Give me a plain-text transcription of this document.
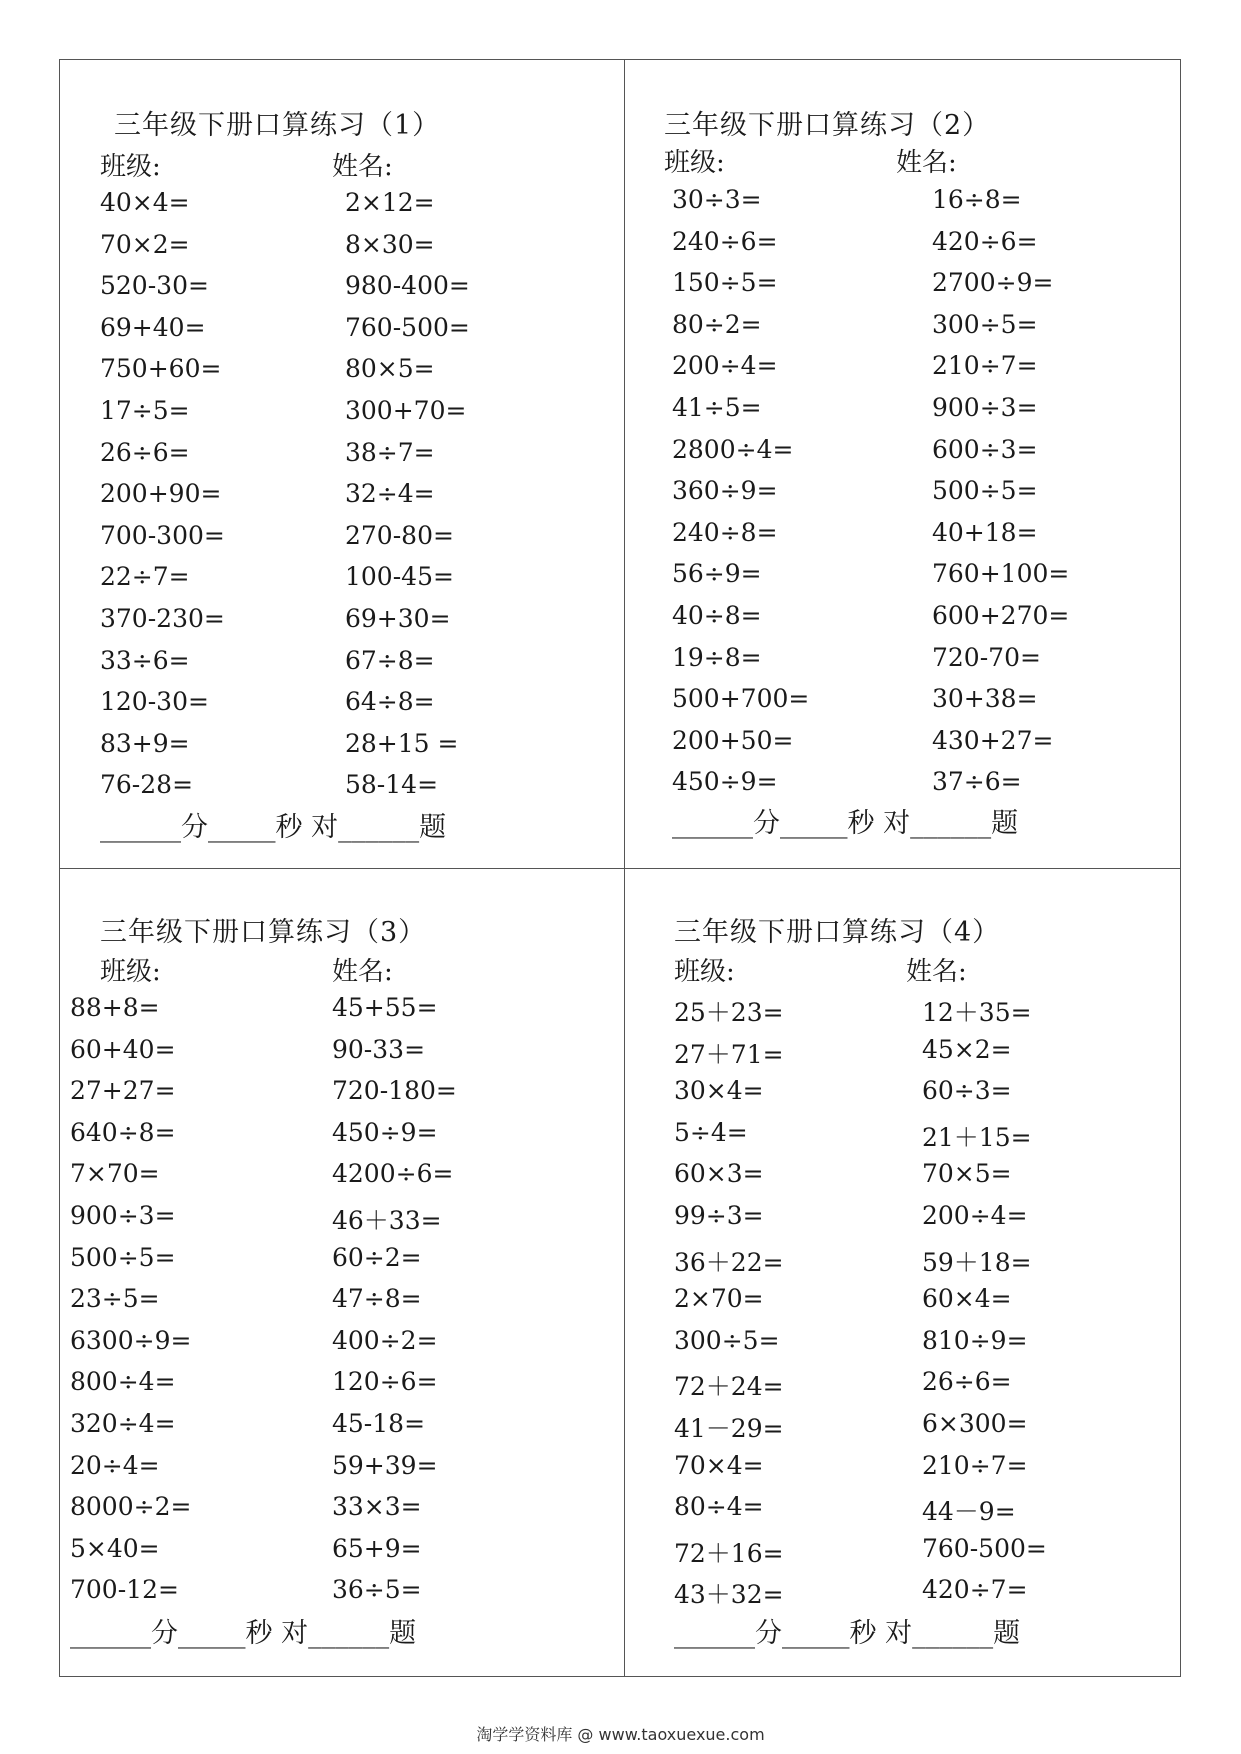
三年级下册口算练习（1）
班级:	姓名:
______分_____秒 对______题
40×4=	2×12=
70×2=	8×30=
520-30=	980-400=
69+40=	760-500=
750+60=	80×5=
17÷5=	300+70=
26÷6=	38÷7=
200+90=	32÷4=
700-300=	270-80=
22÷7=	100-45=
370-230=	69+30=
33÷6=	67÷8=
120-30=	64÷8=
83+9=	28+15 =
76-28=	58-14=
三年级下册口算练习（2）
班级:	姓名:
______分_____秒 对______题
30÷3=	16÷8=
240÷6=	420÷6=
150÷5=	2700÷9=
80÷2=	300÷5=
200÷4=	210÷7=
41÷5=	900÷3=
2800÷4=	600÷3=
360÷9=	500÷5=
240÷8=	40+18=
56÷9=	760+100=
40÷8=	600+270=
19÷8=	720-70=
500+700=	30+38=
200+50=	430+27=
450÷9=	37÷6=
三年级下册口算练习（3）
班级:	姓名:
______分_____秒 对______题
88+8=	45+55=
60+40=	90-33=
27+27=	720-180=
640÷8=	450÷9=
7×70=	4200÷6=
900÷3=	46＋33=
500÷5=	60÷2=
23÷5=	47÷8=
6300÷9=	400÷2=
800÷4=	120÷6=
320÷4=	45-18=
20÷4=	59+39=
8000÷2=	33×3=
5×40=	65+9=
700-12=	36÷5=
三年级下册口算练习（4）
班级:	姓名:
______分_____秒 对______题
25＋23=	12＋35=
27＋71=	45×2=
30×4=	60÷3=
5÷4=	21＋15=
60×3=	70×5=
99÷3=	200÷4=
36＋22=	59＋18=
2×70=	60×4=
300÷5=	810÷9=
72＋24=	26÷6=
41－29=	6×300=
70×4=	210÷7=
80÷4=	44－9=
72＋16=	760-500=
43＋32=	420÷7=
淘学学资料库 @ www.taoxuexue.com
